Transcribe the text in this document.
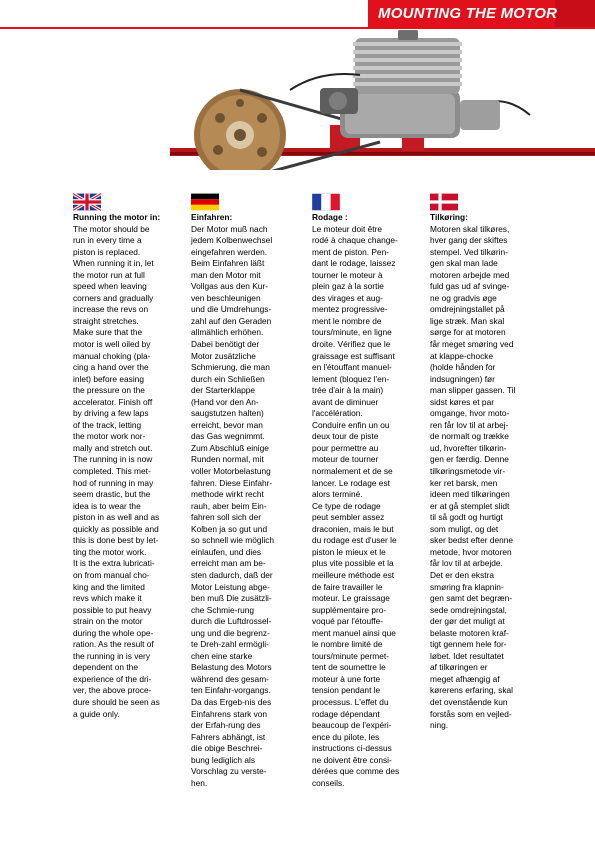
MOUNTING THE MOTOR
Running the motor in:
The motor should be
run in every time a
piston is replaced.
When running it in, let
the motor run at full
speed when leaving
corners and gradually
increase the revs on
straight stretches.
Make sure that the
motor is well oiled by
manual choking (pla-
cing a hand over the
inlet) before easing
the pressure on the
accelerator. Finish off
by driving a few laps
of the track, letting
the motor work nor-
mally and stretch out.
The running in is now
completed. This met-
hod of running in may
seem drastic, but the
idea is to wear the
piston in as well and as
quickly as possible and
this is done best by let-
ting the motor work.
It is the extra lubricati-
on from manual cho-
king and the limited
revs which make it
possible to put heavy
strain on the motor
during the whole ope-
ration. As the result of
the running in is very
dependent on the
experience of the dri-
ver, the above proce-
dure should be seen as
a guide only.
Einfahren:
Der Motor muß nach
jedem Kolbenwechsel
eingefahren werden.
Beim Einfahren läßt
man den Motor mit
Vollgas aus den Kur-
ven beschleunigen
und die Umdrehungs-
zahl auf den Geraden
allmählich erhöhen.
Dabei benötigt der
Motor zusätzliche
Schmierung, die man
durch ein Schließen
der Starterklappe
(Hand vor den An-
saugstutzen halten)
erreicht, bevor man
das Gas wegnimmt.
Zum Abschluß einige
Runden normal, mit
voller Motorbelastung
fahren. Diese Einfahr-
methode wirkt recht
rauh, aber beim Ein-
fahren soll sich der
Kolben ja so gut und
so schnell wie möglich
einlaufen, und dies
erreicht man am be-
sten dadurch, daß der
Motor Leistung abge-
ben muß Die zusätzli-
che Schmie-rung
durch die Luftdrossel-
ung und die begrenz-
te Dreh-zahl ermögli-
chen eine starke
Belastung des Motors
während des gesam-
ten Einfahr-vorgangs.
Da das Ergeb-nis des
Einfahrens stark von
der Erfah-rung des
Fahrers abhängt, ist
die obige Beschrei-
bung lediglich als
Vorschlag zu verste-
hen.
Rodage :
Le moteur doit être
rodé à chaque change-
ment de piston. Pen-
dant le rodage, laissez
tourner le moteur à
plein gaz à la sortie
des virages et aug-
mentez progressive-
ment le nombre de
tours/minute, en ligne
droite. Vérifiez que le
graissage est suffisant
en l'étouffant manuel-
lement (bloquez l'en-
trée d'air à la main)
avant de diminuer
l'accélération.
Conduire enfin un ou
deux tour de piste
pour permettre au
moteur de tourner
normalement et de se
lancer. Le rodage est
alors terminé.
Ce type de rodage
peut sembler assez
draconien, mais le but
du rodage est d'user le
piston le mieux et le
plus vite possible et la
meilleure méthode est
de faire travailler le
moteur. Le graissage
supplémentaire pro-
voqué par l'étouffe-
ment manuel ainsi que
le nombre limité de
tours/minute permet-
tent de soumettre le
moteur à une forte
tension pendant le
processus. L'effet du
rodage dépendant
beaucoup de l'expéri-
ence du pilote, les
instructions ci-dessus
ne doivent être consi-
dérées que comme des
conseils.
Tilkøring:
Motoren skal tilkøres,
hver gang der skiftes
stempel. Ved tilkørin-
gen skal man lade
motoren arbejde med
fuld gas ud af svinge-
ne og gradvis øge
omdrejningstallet på
lige stræk. Man skal
sørge for at motoren
får meget smøring ved
at klappe-chocke
(holde hånden for
indsugningen) før
man slipper gassen. Til
sidst køres et par
omgange, hvor moto-
ren får lov til at arbej-
de normalt og trække
ud, hvorefter tilkørin-
gen er færdig. Denne
tilkøringsmetode vir-
ker ret barsk, men
ideen med tilkøringen
er at gå stemplet slidt
til så godt og hurtigt
som muligt, og det
sker bedst efter denne
metode, hvor motoren
får lov til at arbejde.
Det er den ekstra
smøring fra klapnin-
gen samt det begræn-
sede omdrejningstal,
der gør det muligt at
belaste motoren kraf-
tigt gennem hele for-
løbet. Idet resultatet
af tilkøringen er
meget afhængig af
kørerens erfaring, skal
det ovenstående kun
forstås som en vejled-
ning.
